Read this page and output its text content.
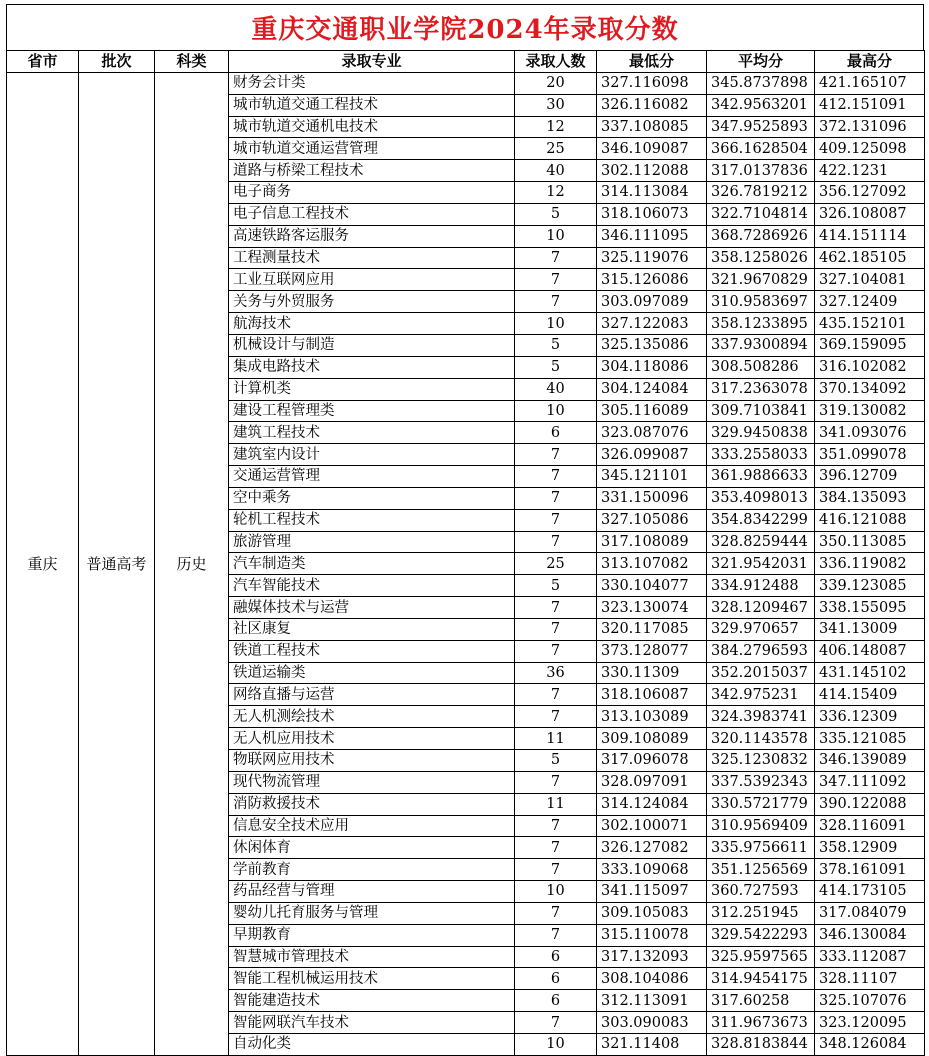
重庆交通职业学院2024年录取分数
省市	批次	科类	录取专业	录取人数	最低分	平均分	最高分
重庆	普通高考	历史	财务会计类	20	327.116098	345.8737898	421.165107
			城市轨道交通工程技术	30	326.116082	342.9563201	412.151091
			城市轨道交通机电技术	12	337.108085	347.9525893	372.131096
			城市轨道交通运营管理	25	346.109087	366.1628504	409.125098
			道路与桥梁工程技术	40	302.112088	317.0137836	422.1231
			电子商务	12	314.113084	326.7819212	356.127092
			电子信息工程技术	5	318.106073	322.7104814	326.108087
			高速铁路客运服务	10	346.111095	368.7286926	414.151114
			工程测量技术	7	325.119076	358.1258026	462.185105
			工业互联网应用	7	315.126086	321.9670829	327.104081
			关务与外贸服务	7	303.097089	310.9583697	327.12409
			航海技术	10	327.122083	358.1233895	435.152101
			机械设计与制造	5	325.135086	337.9300894	369.159095
			集成电路技术	5	304.118086	308.508286	316.102082
			计算机类	40	304.124084	317.2363078	370.134092
			建设工程管理类	10	305.116089	309.7103841	319.130082
			建筑工程技术	6	323.087076	329.9450838	341.093076
			建筑室内设计	7	326.099087	333.2558033	351.099078
			交通运营管理	7	345.121101	361.9886633	396.12709
			空中乘务	7	331.150096	353.4098013	384.135093
			轮机工程技术	7	327.105086	354.8342299	416.121088
			旅游管理	7	317.108089	328.8259444	350.113085
			汽车制造类	25	313.107082	321.9542031	336.119082
			汽车智能技术	5	330.104077	334.912488	339.123085
			融媒体技术与运营	7	323.130074	328.1209467	338.155095
			社区康复	7	320.117085	329.970657	341.13009
			铁道工程技术	7	373.128077	384.2796593	406.148087
			铁道运输类	36	330.11309	352.2015037	431.145102
			网络直播与运营	7	318.106087	342.975231	414.15409
			无人机测绘技术	7	313.103089	324.3983741	336.12309
			无人机应用技术	11	309.108089	320.1143578	335.121085
			物联网应用技术	5	317.096078	325.1230832	346.139089
			现代物流管理	7	328.097091	337.5392343	347.111092
			消防救援技术	11	314.124084	330.5721779	390.122088
			信息安全技术应用	7	302.100071	310.9569409	328.116091
			休闲体育	7	326.127082	335.9756611	358.12909
			学前教育	7	333.109068	351.1256569	378.161091
			药品经营与管理	10	341.115097	360.727593	414.173105
			婴幼儿托育服务与管理	7	309.105083	312.251945	317.084079
			早期教育	7	315.110078	329.5422293	346.130084
			智慧城市管理技术	6	317.132093	325.9597565	333.112087
			智能工程机械运用技术	6	308.104086	314.9454175	328.11107
			智能建造技术	6	312.113091	317.60258	325.107076
			智能网联汽车技术	7	303.090083	311.9673673	323.120095
			自动化类	10	321.11408	328.8183844	348.126084
